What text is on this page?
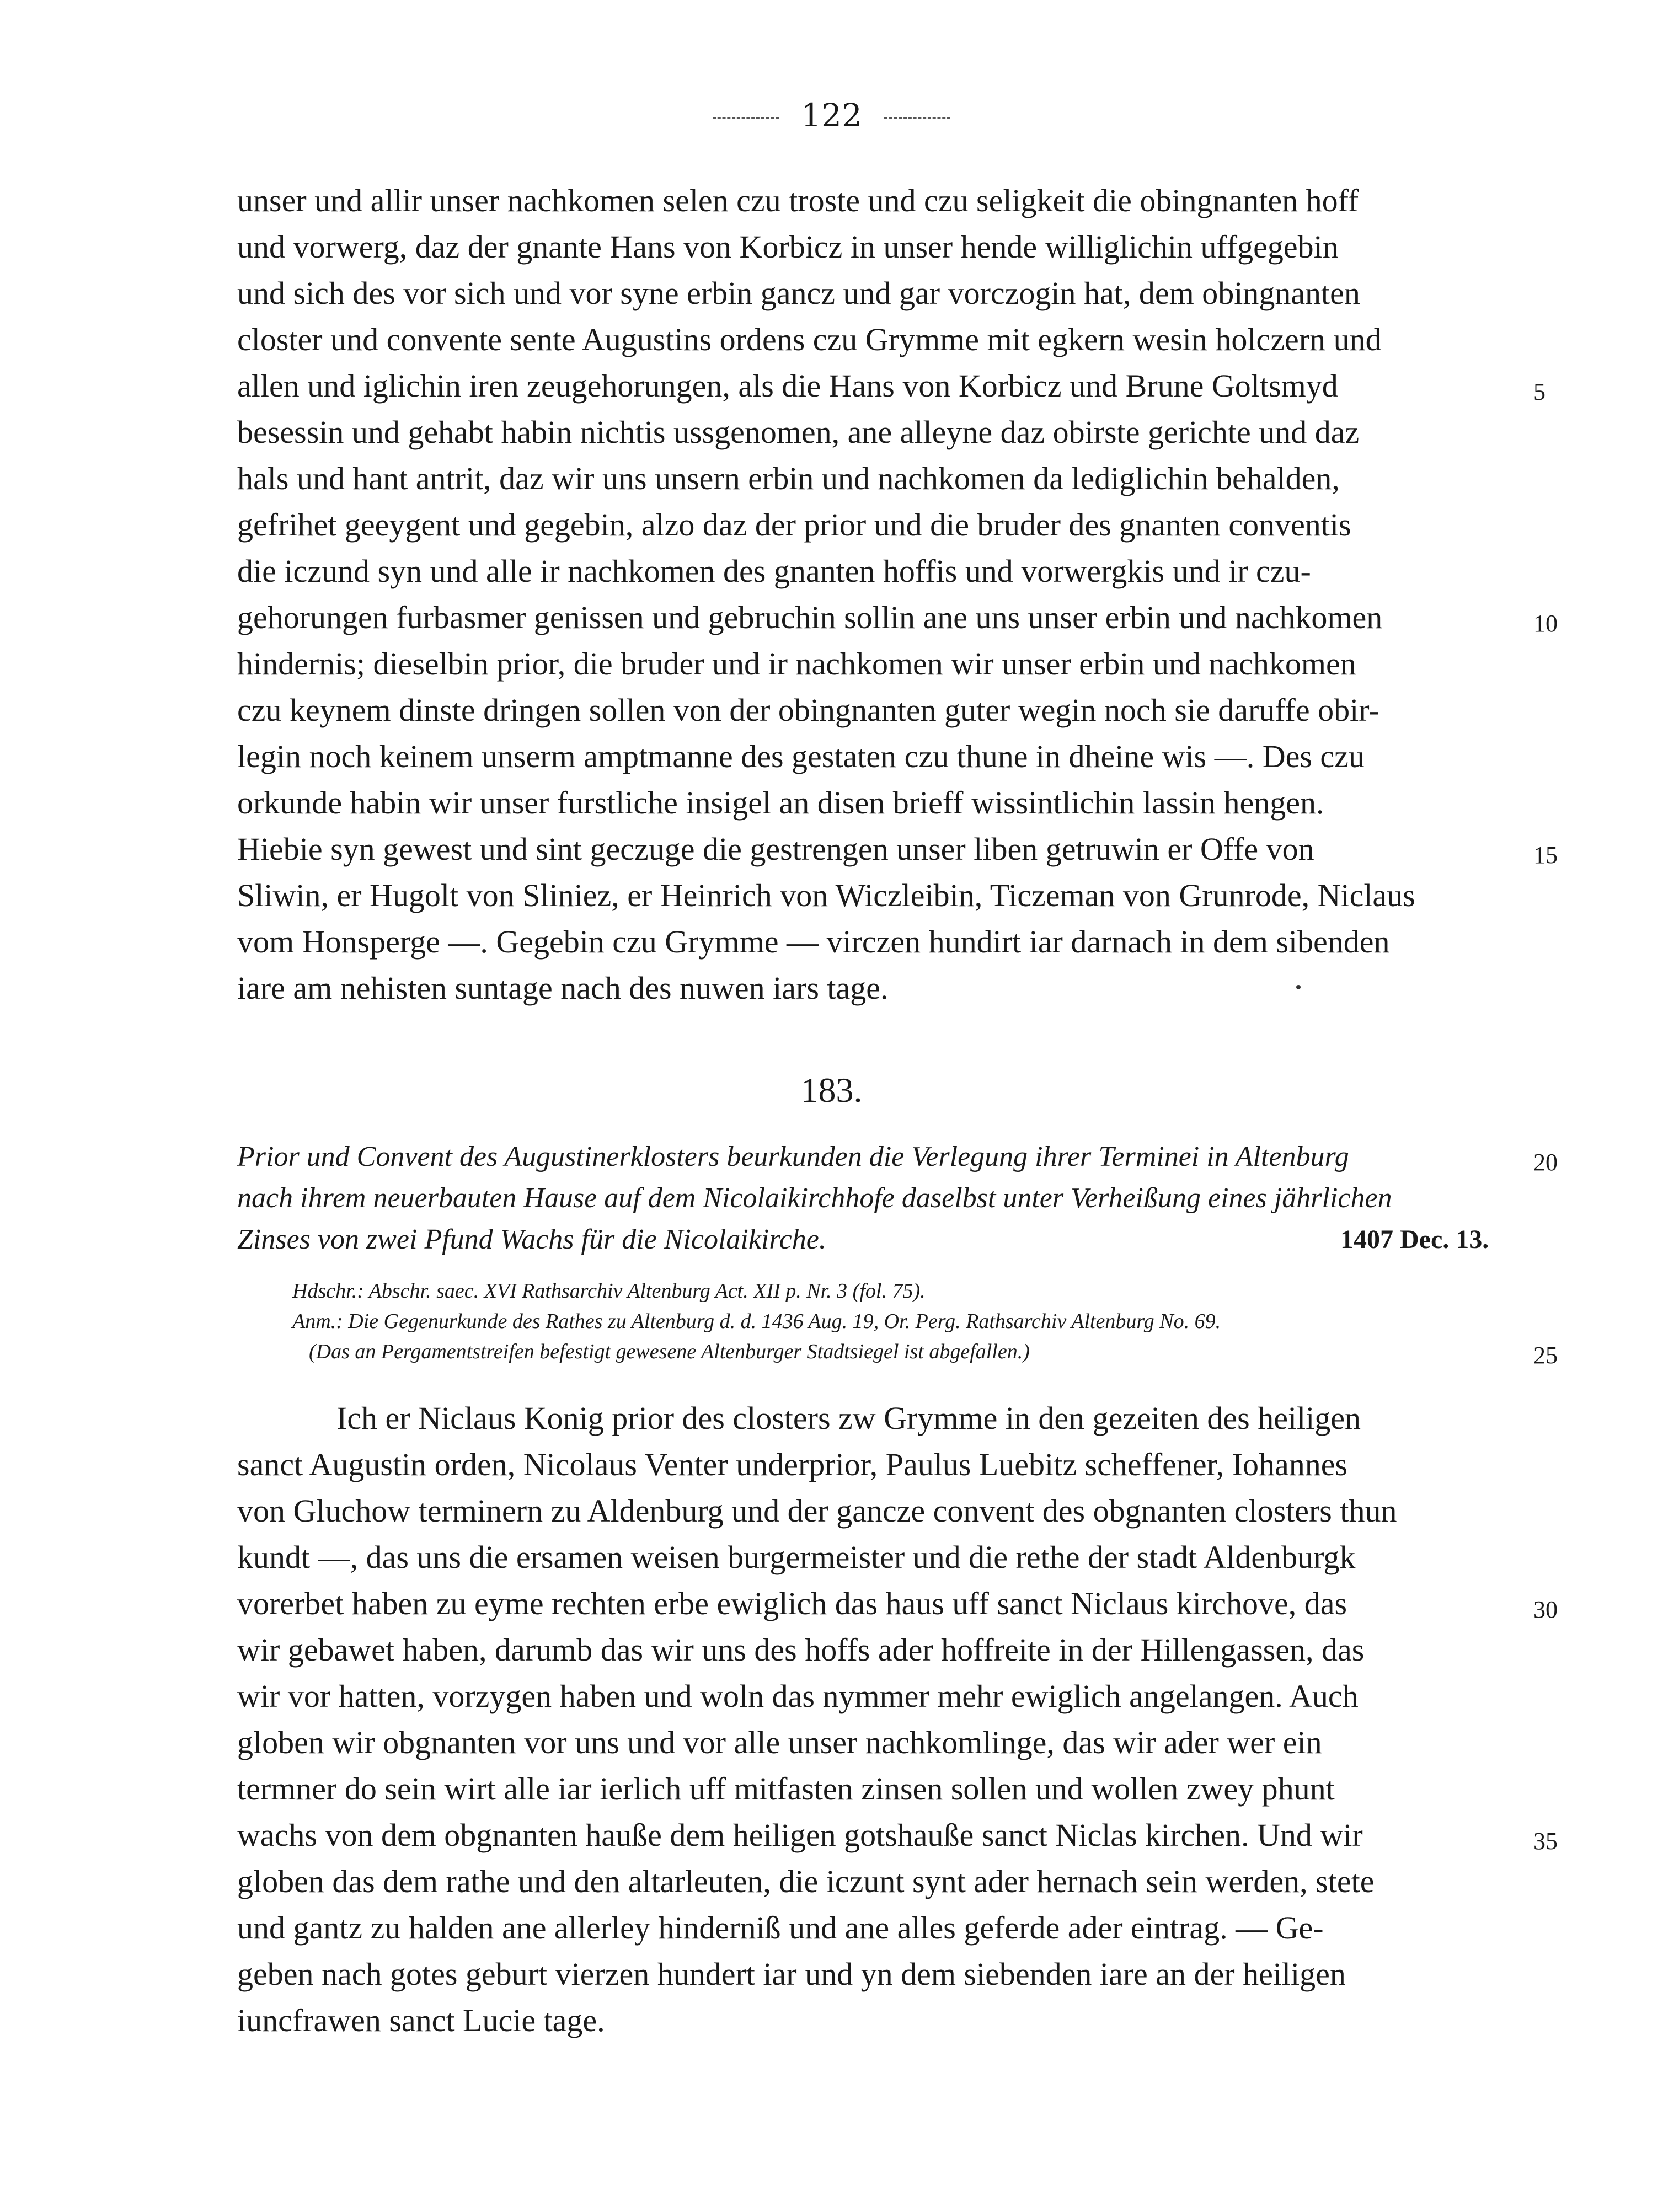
122
unser und allir unser nachkomen selen czu troste und czu seligkeit die obingnanten hoff
und vorwerg, daz der gnante Hans von Korbicz in unser hende williglichin uffgegebin
und sich des vor sich und vor syne erbin gancz und gar vorczogin hat, dem obingnanten
closter und convente sente Augustins ordens czu Grymme mit egkern wesin holczern und
allen und iglichin iren zeugehorungen, als die Hans von Korbicz und Brune Goltsmyd
besessin und gehabt habin nichtis ussgenomen, ane alleyne daz obirste gerichte und daz
hals und hant antrit, daz wir uns unsern erbin und nachkomen da lediglichin behalden,
gefrihet geeygent und gegebin, alzo daz der prior und die bruder des gnanten conventis
die iczund syn und alle ir nachkomen des gnanten hoffis und vorwergkis und ir czu-
gehorungen furbasmer genissen und gebruchin sollin ane uns unser erbin und nachkomen
hindernis; dieselbin prior, die bruder und ir nachkomen wir unser erbin und nachkomen
czu keynem dinste dringen sollen von der obingnanten guter wegin noch sie daruffe obir-
legin noch keinem unserm amptmanne des gestaten czu thune in dheine wis —. Des czu
orkunde habin wir unser furstliche insigel an disen brieff wissintlichin lassin hengen.
Hiebie syn gewest und sint geczuge die gestrengen unser liben getruwin er Offe von
Sliwin, er Hugolt von Sliniez, er Heinrich von Wiczleibin, Ticzeman von Grunrode, Niclaus
vom Honsperge —. Gegebin czu Grymme — virczen hundirt iar darnach in dem sibenden
iare am nehisten suntage nach des nuwen iars tage.
5
10
15
183.
Prior und Convent des Augustinerklosters beurkunden die Verlegung ihrer Terminei in Altenburg
nach ihrem neuerbauten Hause auf dem Nicolaikirchhofe daselbst unter Verheißung eines jährlichen
Zinses von zwei Pfund Wachs für die Nicolaikirche.
20
1407 Dec. 13.
Hdschr.: Abschr. saec. XVI Rathsarchiv Altenburg Act. XII p. Nr. 3 (fol. 75).
Anm.: Die Gegenurkunde des Rathes zu Altenburg d. d. 1436 Aug. 19, Or. Perg. Rathsarchiv Altenburg No. 69.
(Das an Pergamentstreifen befestigt gewesene Altenburger Stadtsiegel ist abgefallen.)	25
Ich er Niclaus Konig prior des closters zw Grymme in den gezeiten des heiligen
sanct Augustin orden, Nicolaus Venter underprior, Paulus Luebitz scheffener, Iohannes
von Gluchow terminern zu Aldenburg und der gancze convent des obgnanten closters thun
kundt —, das uns die ersamen weisen burgermeister und die rethe der stadt Aldenburgk
vorerbet haben zu eyme rechten erbe ewiglich das haus uff sanct Niclaus kirchove, das
wir gebawet haben, darumb das wir uns des hoffs ader hoffreite in der Hillengassen, das
wir vor hatten, vorzygen haben und woln das nymmer mehr ewiglich angelangen. Auch
globen wir obgnanten vor uns und vor alle unser nachkomlinge, das wir ader wer ein
termner do sein wirt alle iar ierlich uff mitfasten zinsen sollen und wollen zwey phunt
wachs von dem obgnanten hauße dem heiligen gotshauße sanct Niclas kirchen. Und wir
globen das dem rathe und den altarleuten, die iczunt synt ader hernach sein werden, stete
und gantz zu halden ane allerley hinderniß und ane alles geferde ader eintrag. — Ge-
geben nach gotes geburt vierzen hundert iar und yn dem siebenden iare an der heiligen
iuncfrawen sanct Lucie tage.
30
35
